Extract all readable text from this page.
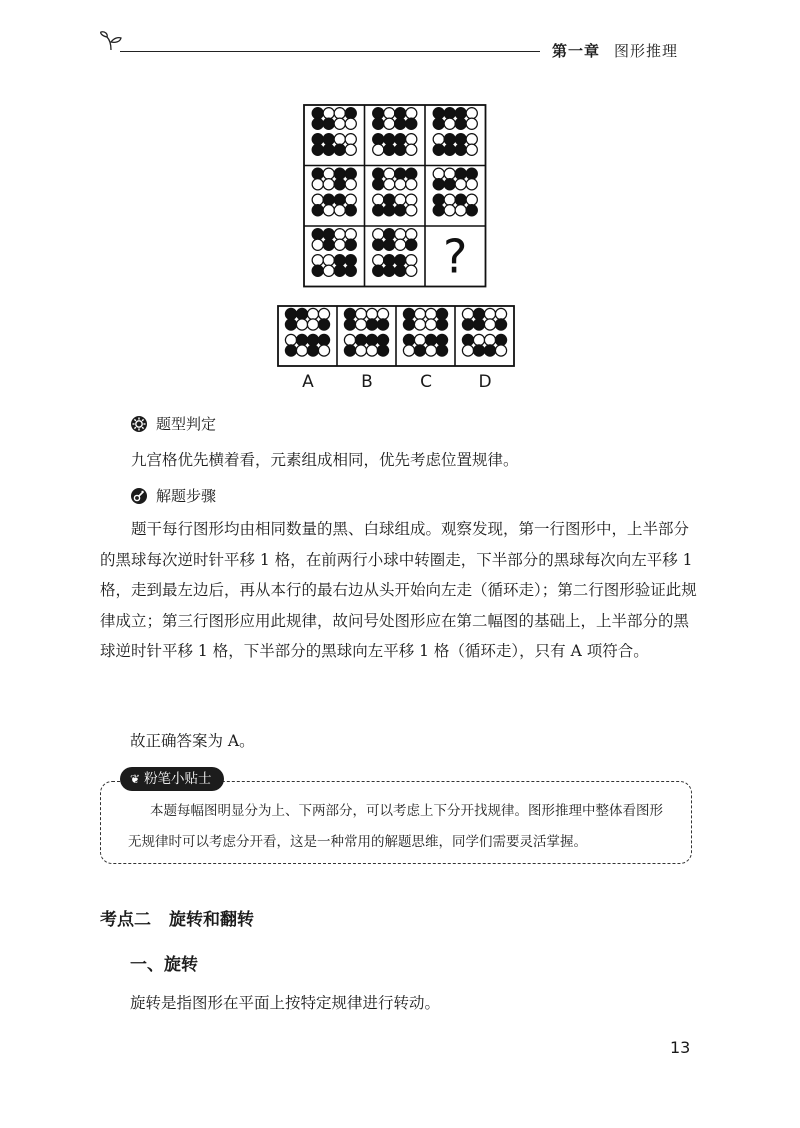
第一章 图形推理
?
A	B	C	D
题型判定
九宫格优先横着看，元素组成相同，优先考虑位置规律。
解题步骤
题干每行图形均由相同数量的黑、白球组成。观察发现，第一行图形中，上半部分的黑球每次逆时针平移 1 格，在前两行小球中转圈走，下半部分的黑球每次向左平移 1 格，走到最左边后，再从本行的最右边从头开始向左走（循环走）；第二行图形验证此规律成立；第三行图形应用此规律，故问号处图形应在第二幅图的基础上，上半部分的黑球逆时针平移 1 格，下半部分的黑球向左平移 1 格（循环走），只有 A 项符合。
故正确答案为 A。
❦ 粉笔小贴士
本题每幅图明显分为上、下两部分，可以考虑上下分开找规律。图形推理中整体看图形无规律时可以考虑分开看，这是一种常用的解题思维，同学们需要灵活掌握。
考点二 旋转和翻转
一、旋转
旋转是指图形在平面上按特定规律进行转动。
13
